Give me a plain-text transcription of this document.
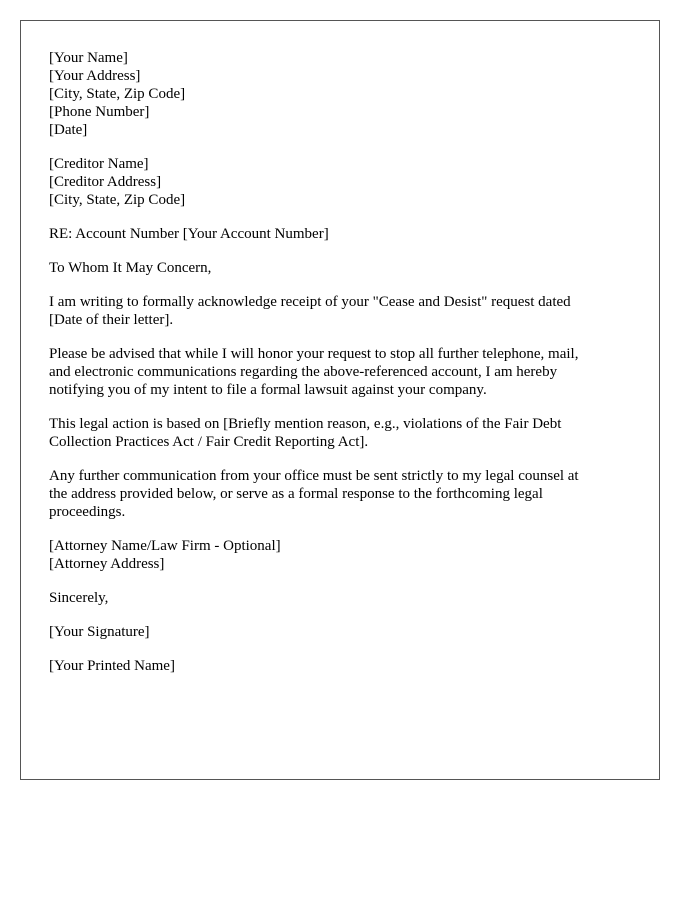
[Your Name]
[Your Address]
[City, State, Zip Code]
[Phone Number]
[Date]
[Creditor Name]
[Creditor Address]
[City, State, Zip Code]

RE: Account Number [Your Account Number]

To Whom It May Concern,

I am writing to formally acknowledge receipt of your "Cease and Desist" request dated
[Date of their letter].

Please be advised that while I will honor your request to stop all further telephone, mail,
and electronic communications regarding the above-referenced account, I am hereby
notifying you of my intent to file a formal lawsuit against your company.

This legal action is based on [Briefly mention reason, e.g., violations of the Fair Debt
Collection Practices Act / Fair Credit Reporting Act].

Any further communication from your office must be sent strictly to my legal counsel at
the address provided below, or serve as a formal response to the forthcoming legal
proceedings.

[Attorney Name/Law Firm - Optional]
[Attorney Address]

Sincerely,

[Your Signature]

[Your Printed Name]
